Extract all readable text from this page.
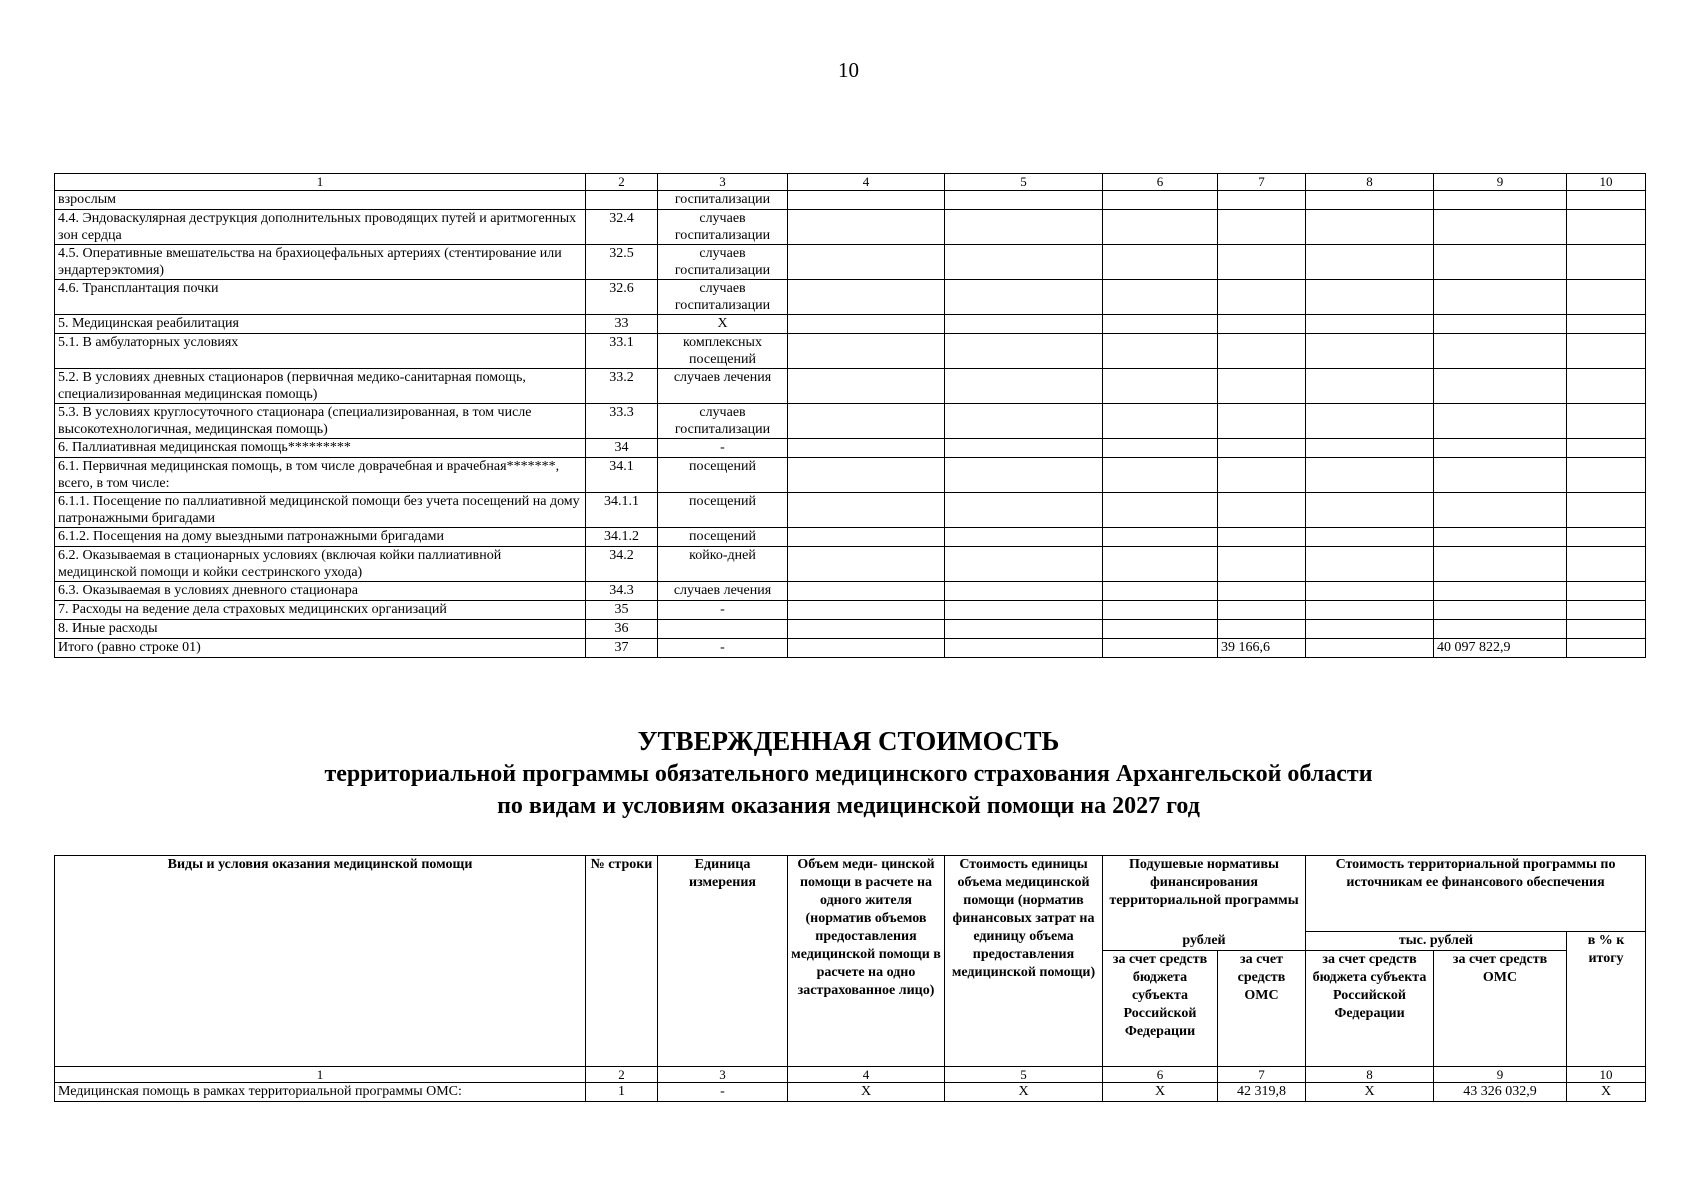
10
1	2	3	4	5	6	7	8	9	10
взрослым		госпитализации							
4.4. Эндоваскулярная деструкция дополнительных проводящих путей и аритмогенных зон сердца	32.4	случаев госпитализации							
4.5. Оперативные вмешательства на брахиоцефальных артериях (стентирование или эндартерэктомия)	32.5	случаев госпитализации							
4.6. Трансплантация почки	32.6	случаев госпитализации							
5. Медицинская реабилитация	33	X							
5.1. В амбулаторных условиях	33.1	комплексных посещений							
5.2. В условиях дневных стационаров (первичная медико-санитарная помощь, специализированная медицинская помощь)	33.2	случаев лечения							
5.3. В условиях круглосуточного стационара (специализированная, в том числе высокотехнологичная, медицинская помощь)	33.3	случаев госпитализации							
6. Паллиативная медицинская помощь*********	34	-							
6.1. Первичная медицинская помощь, в том числе доврачебная и врачебная*******, всего, в том числе:	34.1	посещений							
6.1.1. Посещение по паллиативной медицинской помощи без учета посещений на дому патронажными бригадами	34.1.1	посещений							
6.1.2. Посещения на дому выездными патронажными бригадами	34.1.2	посещений							
6.2. Оказываемая в стационарных условиях (включая койки паллиативной медицинской помощи и койки сестринского ухода)	34.2	койко-дней							
6.3. Оказываемая в условиях дневного стационара	34.3	случаев лечения							
7. Расходы на ведение дела страховых медицинских организаций	35	-							
8. Иные расходы	36								
Итого (равно строке 01)	37	-				39 166,6		40 097 822,9	
УТВЕРЖДЕННАЯ СТОИМОСТЬ
территориальной программы обязательного медицинского страхования Архангельской области
по видам и условиям оказания медицинской помощи на 2027 год
Виды и условия оказания медицинской помощи	№ строки	Единица измерения	Объем меди- цинской помощи в расчете на одного жителя (норматив объемов предоставления медицинской помощи в расчете на одно застрахованное лицо)	Стоимость единицы объема медицинской помощи (норматив финансовых затрат на единицу объема предоставления медицинской помощи)	Подушевые нормативы финансирования территориальной программы		Стоимость территориальной программы по источникам ее финансового обеспечения		
					рублей		тыс. рублей		в % к итогу
					за счет средств бюджета субъекта Российской Федерации	за счет средств ОМС	за счет средств бюджета субъекта Российской Федерации	за счет средств ОМС	
1	2	3	4	5	6	7	8	9	10
Медицинская помощь в рамках территориальной программы ОМС:	1	-	X	X	X	42 319,8	X	43 326 032,9	X
